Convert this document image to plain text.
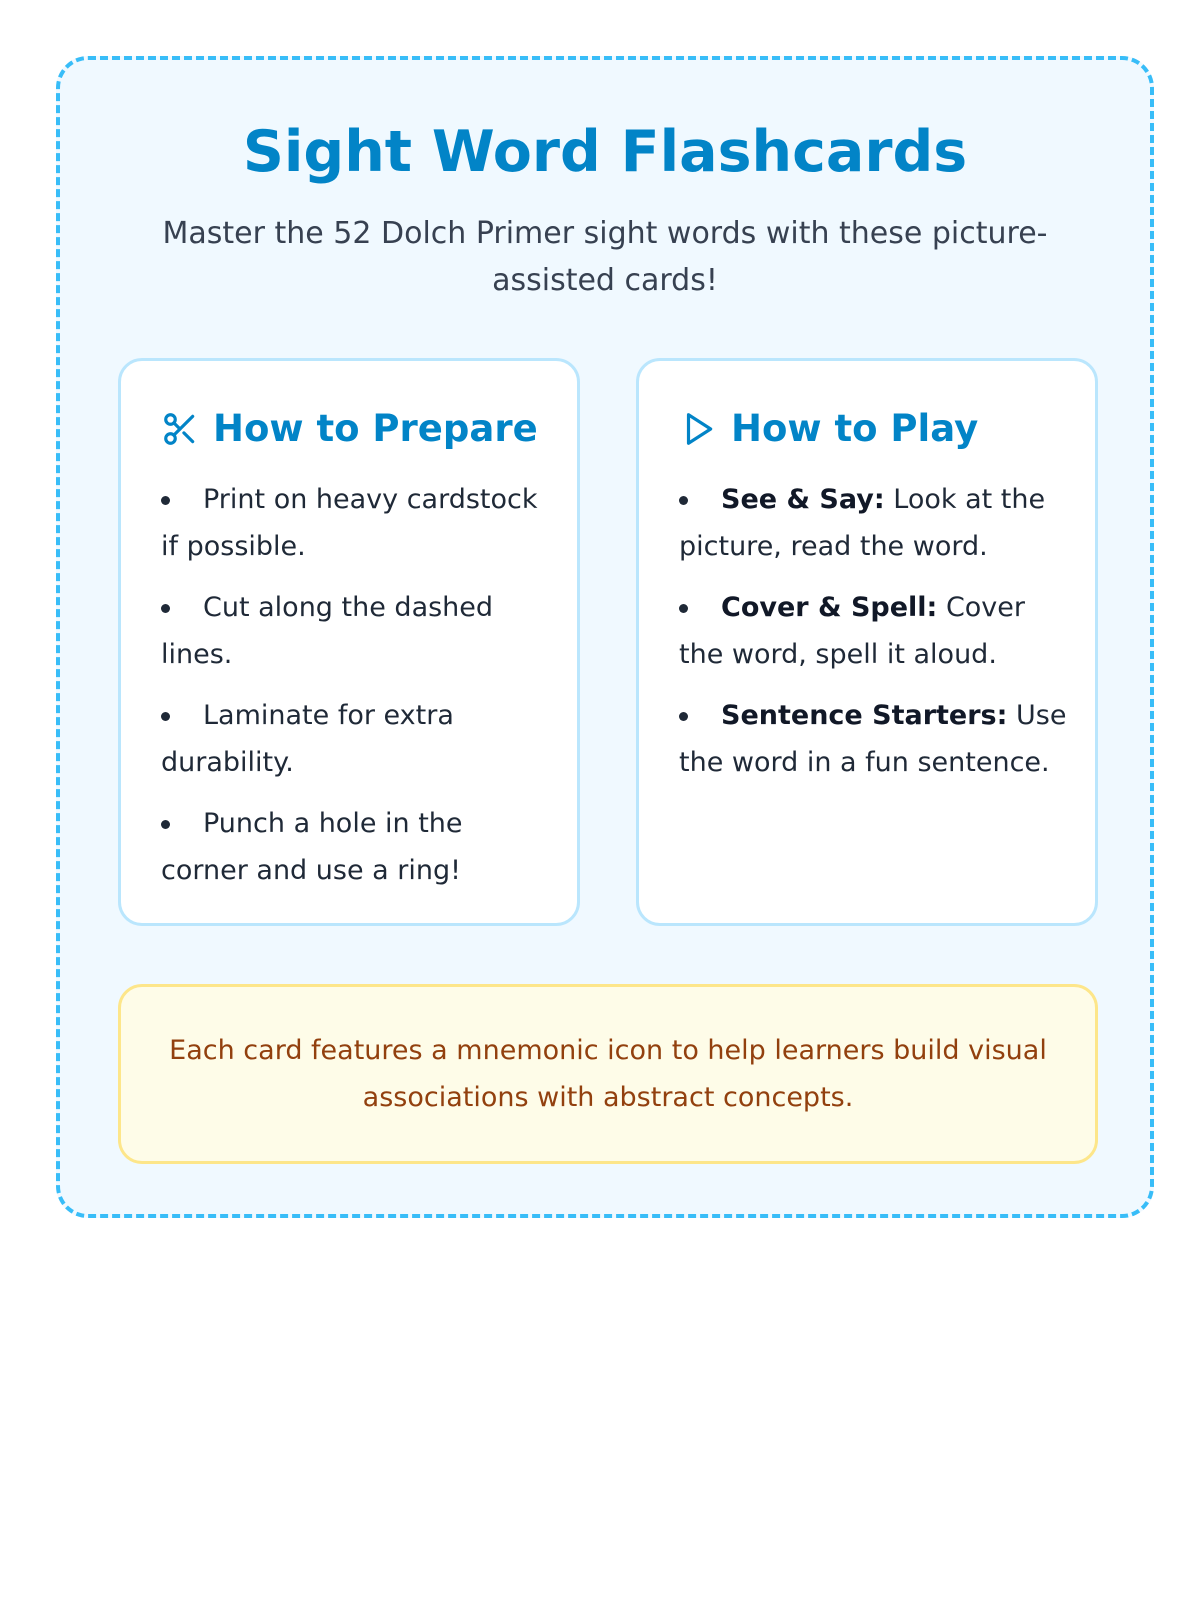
Sight Word Flashcards

Master the 52 Dolch Primer sight words with these picture-assisted cards!

How to Prepare
Print on heavy cardstock if possible.
Cut along the dashed lines.
Laminate for extra durability.
Punch a hole in the corner and use a ring!
How to Play
See & Say: Look at the picture, read the word.
Cover & Spell: Cover the word, spell it aloud.
Sentence Starters: Use the word in a fun sentence.

Each card features a mnemonic icon to help learners build visual associations with abstract concepts.
